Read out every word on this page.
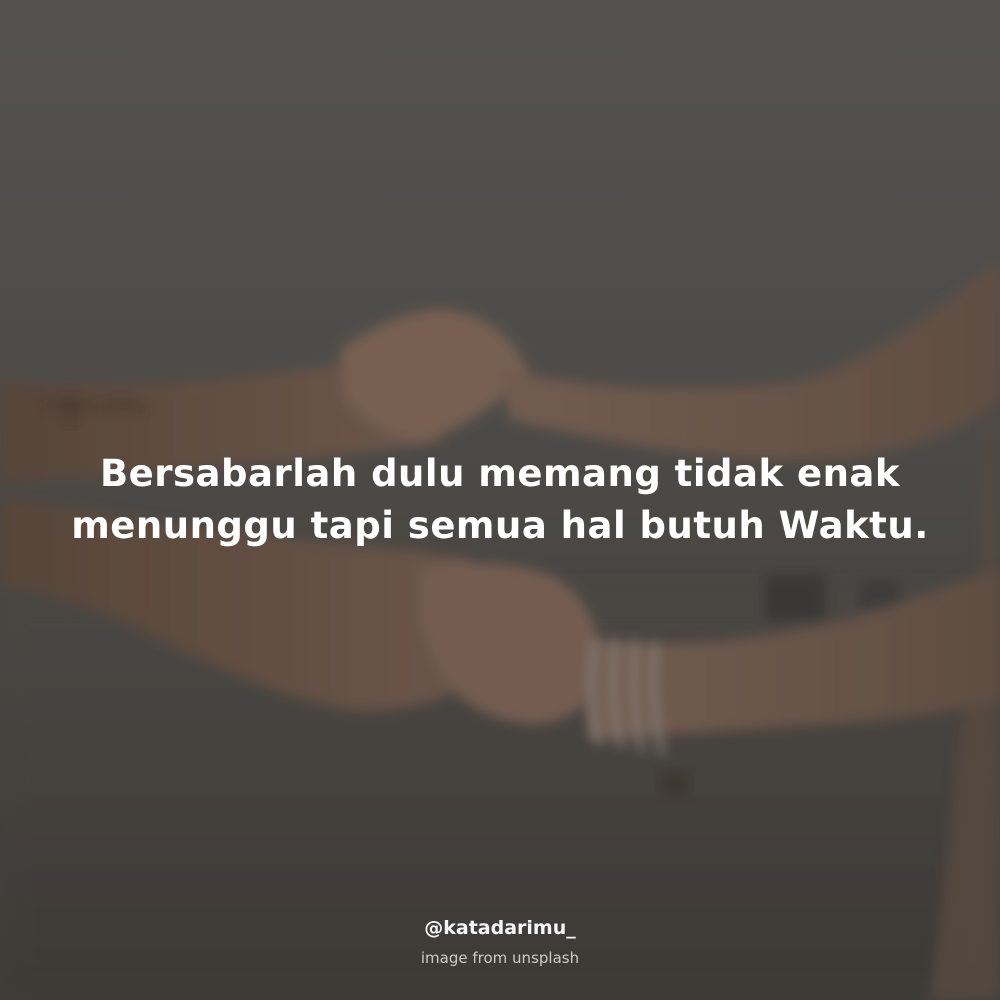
Bersabarlah dulu memang tidak enak
menunggu tapi semua hal butuh Waktu.
@katadarimu_
image from unsplash
